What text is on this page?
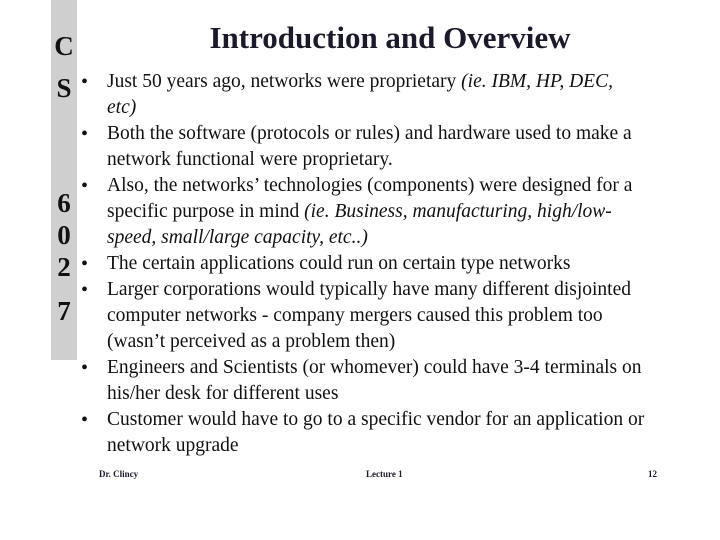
C
S
6
0
2
7
Introduction and Overview
• Just 50 years ago, networks were proprietary (ie. IBM, HP, DEC,
etc)
• Both the software (protocols or rules) and hardware used to make a
network functional were proprietary.
• Also, the networks’ technologies (components) were designed for a
specific purpose in mind (ie. Business, manufacturing, high/low-
speed, small/large capacity, etc..)
• The certain applications could run on certain type networks
• Larger corporations would typically have many different disjointed
computer networks - company mergers caused this problem too
(wasn’t perceived as a problem then)
• Engineers and Scientists (or whomever) could have 3-4 terminals on
his/her desk for different uses
• Customer would have to go to a specific vendor for an application or
network upgrade
Dr. Clincy	Lecture 1	12
